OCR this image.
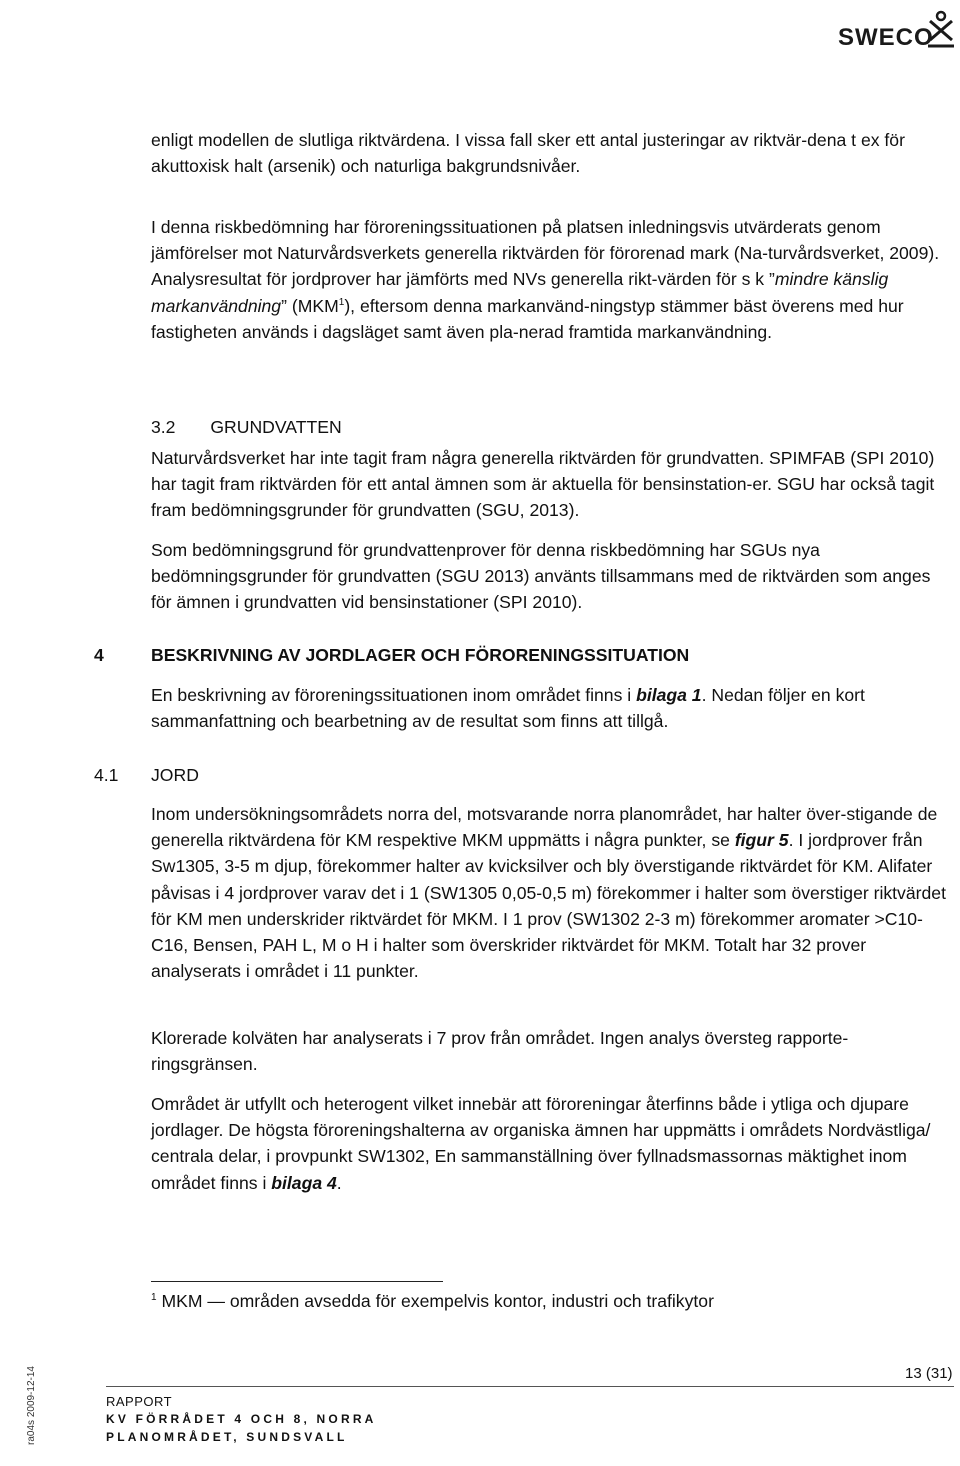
SWECO

enligt modellen de slutliga riktvärdena. I vissa fall sker ett antal justeringar av riktvär-dena t ex för akuttoxisk halt (arsenik) och naturliga bakgrundsnivåer.

I denna riskbedömning har föroreningssituationen på platsen inledningsvis utvärderats genom jämförelser mot Naturvårdsverkets generella riktvärden för förorenad mark (Na-turvårdsverket, 2009). Analysresultat för jordprover har jämförts med NVs generella rikt-värden för s k ”mindre känslig markanvändning” (MKM$^1$), eftersom denna markanvänd-ningstyp stämmer bäst överens med hur fastigheten används i dagsläget samt även pla-nerad framtida markanvändning.

3.2 GRUNDVATTEN

Naturvårdsverket har inte tagit fram några generella riktvärden för grundvatten. SPIMFAB (SPI 2010) har tagit fram riktvärden för ett antal ämnen som är aktuella för bensinstation-er. SGU har också tagit fram bedömningsgrunder för grundvatten (SGU, 2013).

Som bedömningsgrund för grundvattenprover för denna riskbedömning har SGUs nya bedömningsgrunder för grundvatten (SGU 2013) använts tillsammans med de riktvärden som anges för ämnen i grundvatten vid bensinstationer (SPI 2010).

4	BESKRIVNING AV JORDLAGER OCH FÖRORENINGSSITUATION

En beskrivning av föroreningssituationen inom området finns i bilaga 1. Nedan följer en kort sammanfattning och bearbetning av de resultat som finns att tillgå.

4.1 JORD

Inom undersökningsområdets norra del, motsvarande norra planområdet, har halter över-stigande de generella riktvärdena för KM respektive MKM uppmätts i några punkter, se figur 5. I jordprover från Sw1305, 3-5 m djup, förekommer halter av kvicksilver och bly överstigande riktvärdet för KM. Alifater påvisas i 4 jordprover varav det i 1 (SW1305 0,05-0,5 m) förekommer i halter som överstiger riktvärdet för KM men underskrider riktvärdet för MKM. I 1 prov (SW1302 2-3 m) förekommer aromater >C10-C16, Bensen, PAH L, M o H i halter som överskrider riktvärdet för MKM. Totalt har 32 prover analyserats i området i 11 punkter.

Klorerade kolväten har analyserats i 7 prov från området. Ingen analys översteg rapporte-ringsgränsen.

Området är utfyllt och heterogent vilket innebär att föroreningar återfinns både i ytliga och djupare jordlager. De högsta föroreningshalterna av organiska ämnen har uppmätts i områdets Nordvästliga/ centrala delar, i provpunkt SW1302, En sammanställning över fyllnadsmassornas mäktighet inom området finns i bilaga 4.

$^1$ MKM — områden avsedda för exempelvis kontor, industri och trafikytor

13 (31)
RAPPORT
KV FÖRRÅDET 4 OCH 8, NORRA
PLANOMRÅDET, SUNDSVALL
ra04s 2009-12-14
